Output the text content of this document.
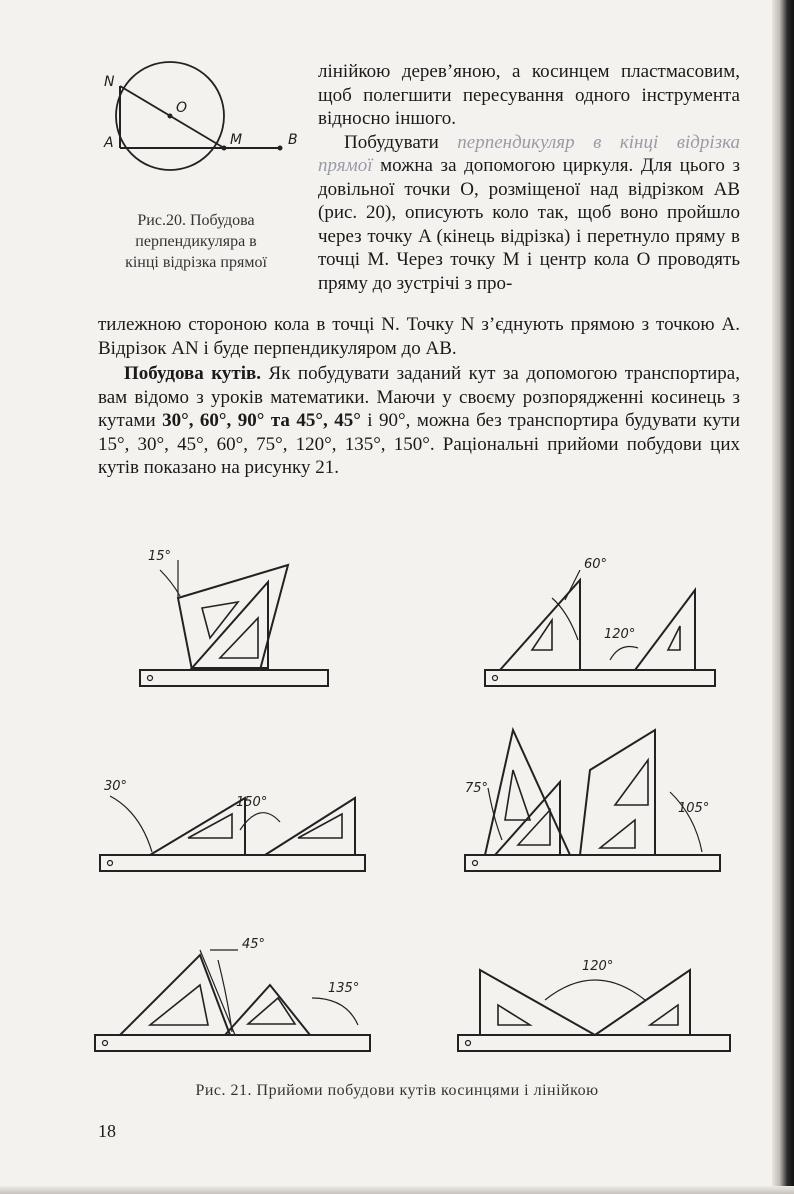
N
O
A	M	B
Рис.20. Побудова
перпендикуляра в
кінці відрізка прямої
лінійкою дерев’яною, а косинцем пластмасовим, щоб полегшити пересування одного інструмента відносно іншого.
Побудувати перпендикуляр в кінці відрізка прямої можна за допомогою циркуля. Для цього з довільної точки O, розміщеної над відрізком AB (рис. 20), описують коло так, щоб воно пройшло через точку A (кінець відрізка) і перетнуло пряму в точці M. Через точку M і центр кола O проводять пряму до зустрічі з про-
тилежною стороною кола в точці N. Точку N з’єднують прямою з точкою A. Відрізок AN і буде перпендикуляром до AB.
Побудова кутів. Як побудувати заданий кут за допомогою транспортира, вам відомо з уроків математики. Маючи у своєму розпорядженні косинець з кутами 30°, 60°, 90° та 45°, 45° і 90°, можна без транспортира будувати кути 15°, 30°, 45°, 60°, 75°, 120°, 135°, 150°. Раціональні прийоми побудови цих кутів показано на рисунку 21.
15°
60°
120°
30°
150°
75°
105°
45°
135°
120°
Рис. 21. Прийоми побудови кутів косинцями і лінійкою
18
